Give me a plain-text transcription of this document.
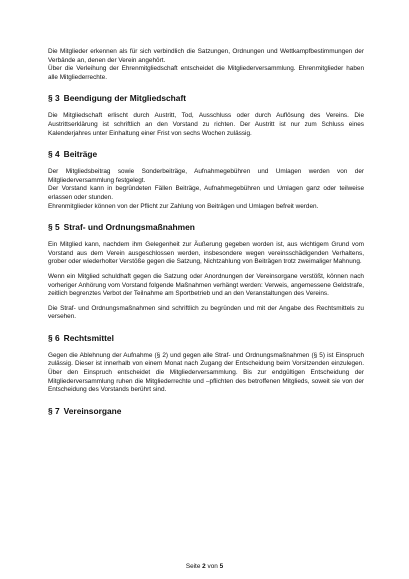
Die Mitglieder erkennen als für sich verbindlich die Satzungen, Ordnungen und Wettkampfbestimmungen der Verbände an, denen der Verein angehört.

Über die Verleihung der Ehrenmitgliedschaft entscheidet die Mitgliederversammlung. Ehrenmitglieder haben alle Mitgliederrechte.

§ 3 Beendigung der Mitgliedschaft

Die Mitgliedschaft erlischt durch Austritt, Tod, Ausschluss oder durch Auflösung des Vereins. Die Austrittserklärung ist schriftlich an den Vorstand zu richten. Der Austritt ist nur zum Schluss eines Kalenderjahres unter Einhaltung einer Frist von sechs Wochen zulässig.

§ 4 Beiträge

Der Mitgliedsbeitrag sowie Sonderbeiträge, Aufnahmegebühren und Umlagen werden von der Mitgliederversammlung festgelegt.

Der Vorstand kann in begründeten Fällen Beiträge, Aufnahmegebühren und Umlagen ganz oder teilweise erlassen oder stunden.

Ehrenmitglieder können von der Pflicht zur Zahlung von Beiträgen und Umlagen befreit werden.

§ 5 Straf- und Ordnungsmaßnahmen

Ein Mitglied kann, nachdem ihm Gelegenheit zur Äußerung gegeben worden ist, aus wichtigem Grund vom Vorstand aus dem Verein ausgeschlossen werden, insbesondere wegen vereinsschädigenden Verhaltens, grober oder wiederholter Verstöße gegen die Satzung, Nichtzahlung von Beiträgen trotz zweimaliger Mahnung.

Wenn ein Mitglied schuldhaft gegen die Satzung oder Anordnungen der Vereinsorgane verstößt, können nach vorheriger Anhörung vom Vorstand folgende Maßnahmen verhängt werden: Verweis, angemessene Geldstrafe, zeitlich begrenztes Verbot der Teilnahme am Sportbetrieb und an den Veranstaltungen des Vereins.

Die Straf- und Ordnungsmaßnahmen sind schriftlich zu begründen und mit der Angabe des Rechtsmittels zu versehen.

§ 6 Rechtsmittel

Gegen die Ablehnung der Aufnahme (§ 2) und gegen alle Straf- und Ordnungsmaßnahmen (§ 5) ist Einspruch zulässig. Dieser ist innerhalb von einem Monat nach Zugang der Entscheidung beim Vorsitzenden einzulegen. Über den Einspruch entscheidet die Mitgliederversammlung. Bis zur endgültigen Entscheidung der Mitgliederversammlung ruhen die Mitgliederrechte und –pflichten des betroffenen Mitglieds, soweit sie von der Entscheidung des Vorstands berührt sind.

§ 7 Vereinsorgane
Seite 2 von 5
